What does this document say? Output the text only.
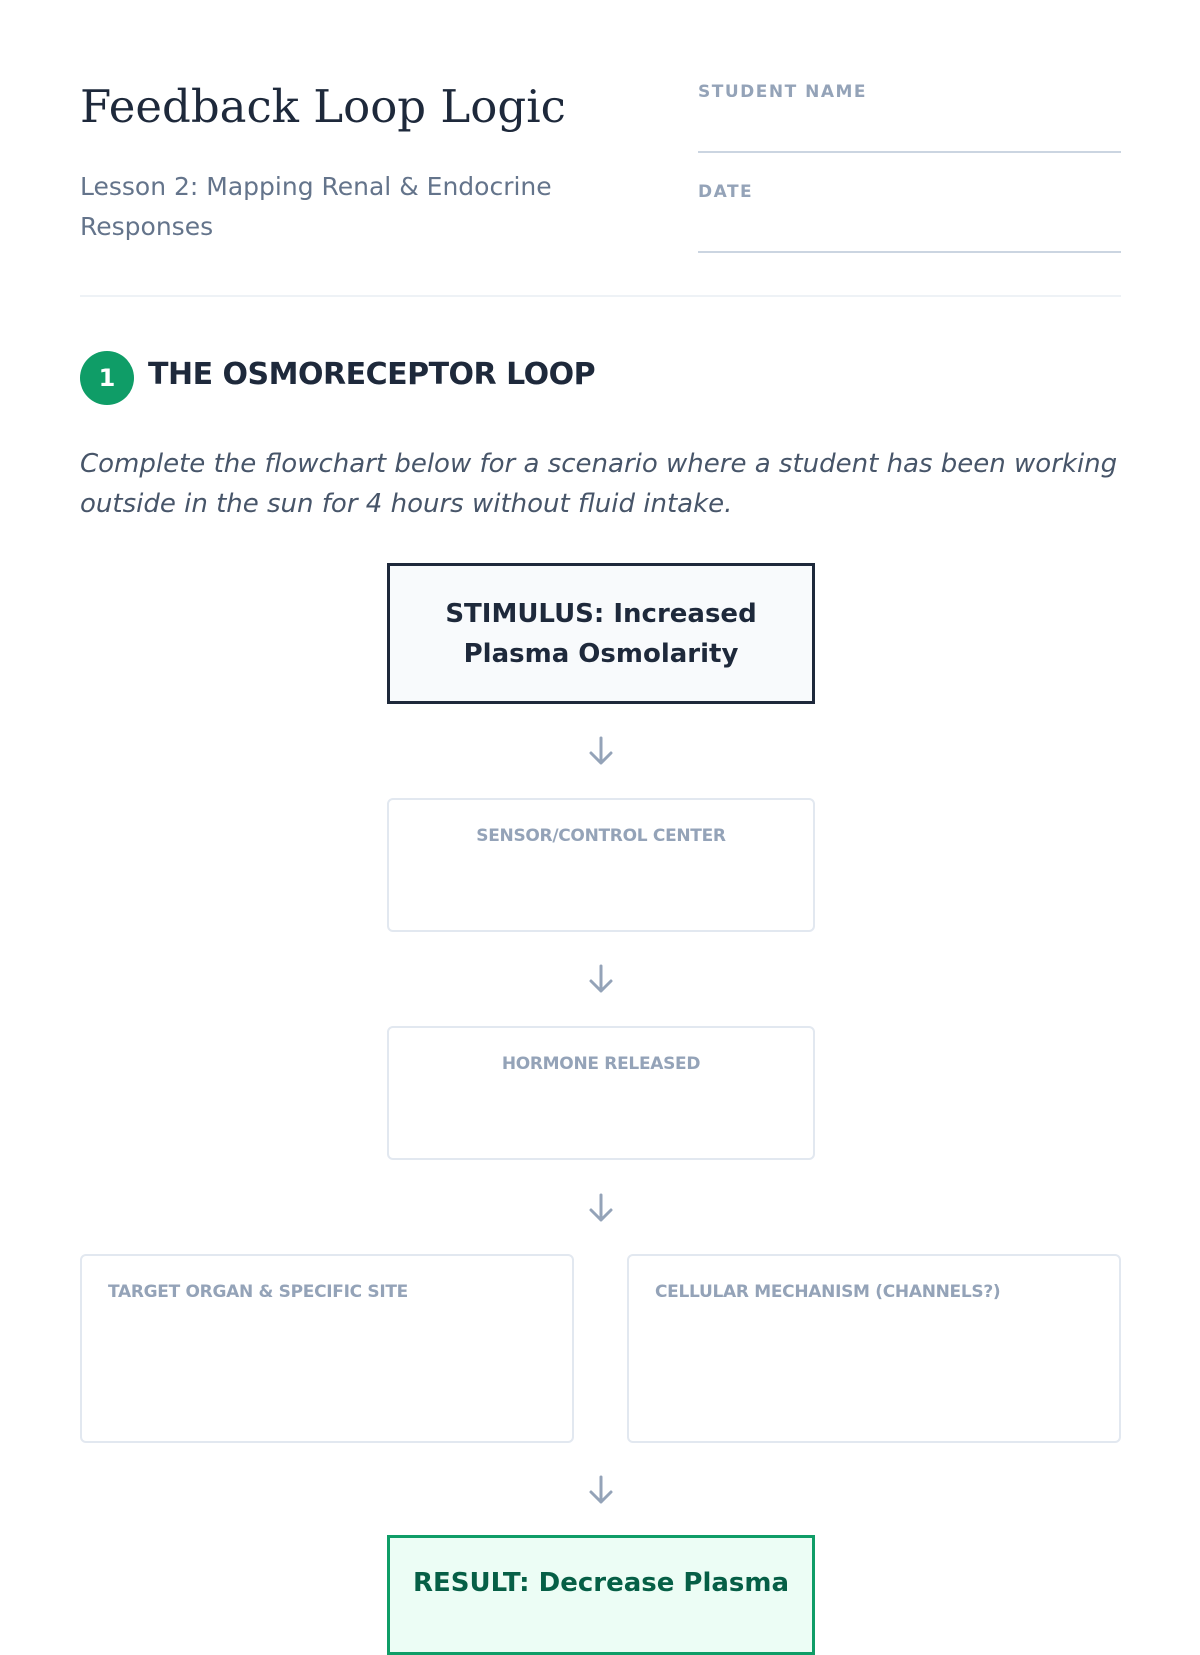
Feedback Loop Logic
Lesson 2: Mapping Renal & Endocrine Responses
STUDENT NAME
DATE
1	THE OSMORECEPTOR LOOP
Complete the flowchart below for a scenario where a student has been working outside in the sun for 4 hours without fluid intake.
STIMULUS: Increased Plasma Osmolarity
SENSOR/CONTROL CENTER
HORMONE RELEASED
TARGET ORGAN & SPECIFIC SITE	CELLULAR MECHANISM (CHANNELS?)
RESULT: Decrease Plasma
